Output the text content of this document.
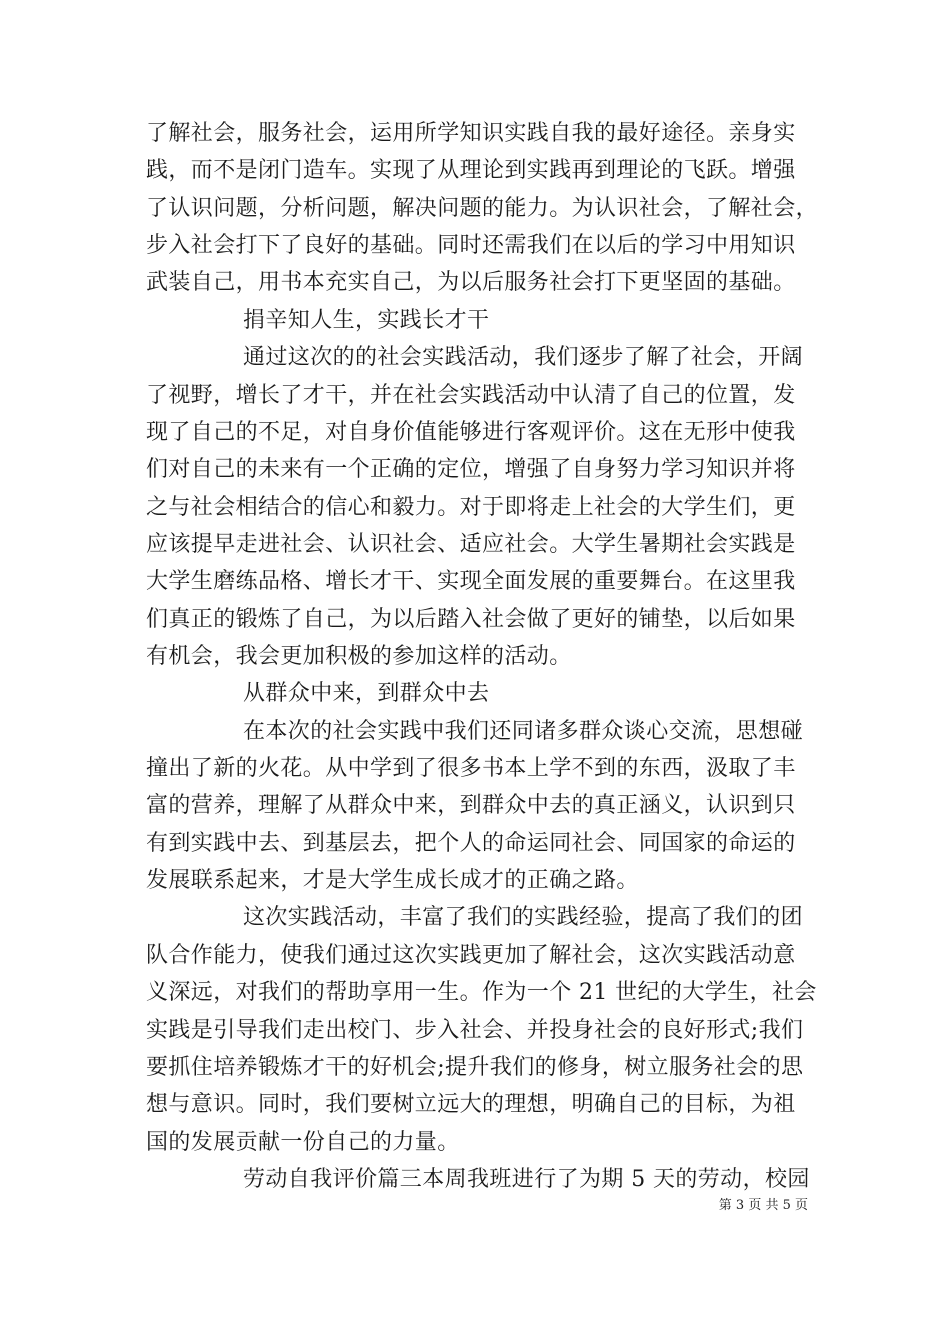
了解社会，服务社会，运用所学知识实践自我的最好途径。亲身实
践，而不是闭门造车。实现了从理论到实践再到理论的飞跃。增强
了认识问题，分析问题，解决问题的能力。为认识社会，了解社会，
步入社会打下了良好的基础。同时还需我们在以后的学习中用知识
武装自己，用书本充实自己，为以后服务社会打下更坚固的基础。
捐辛知人生，实践长才干
通过这次的的社会实践活动，我们逐步了解了社会，开阔
了视野，增长了才干，并在社会实践活动中认清了自己的位置，发
现了自己的不足，对自身价值能够进行客观评价。这在无形中使我
们对自己的未来有一个正确的定位，增强了自身努力学习知识并将
之与社会相结合的信心和毅力。对于即将走上社会的大学生们，更
应该提早走进社会、认识社会、适应社会。大学生暑期社会实践是
大学生磨练品格、增长才干、实现全面发展的重要舞台。在这里我
们真正的锻炼了自己，为以后踏入社会做了更好的铺垫，以后如果
有机会，我会更加积极的参加这样的活动。
从群众中来，到群众中去
在本次的社会实践中我们还同诸多群众谈心交流，思想碰
撞出了新的火花。从中学到了很多书本上学不到的东西，汲取了丰
富的营养，理解了从群众中来，到群众中去的真正涵义，认识到只
有到实践中去、到基层去，把个人的命运同社会、同国家的命运的
发展联系起来，才是大学生成长成才的正确之路。
这次实践活动，丰富了我们的实践经验，提高了我们的团
队合作能力，使我们通过这次实践更加了解社会，这次实践活动意
义深远，对我们的帮助享用一生。作为一个 21 世纪的大学生，社会
实践是引导我们走出校门、步入社会、并投身社会的良好形式;我们
要抓住培养锻炼才干的好机会;提升我们的修身，树立服务社会的思
想与意识。同时，我们要树立远大的理想，明确自己的目标，为祖
国的发展贡献一份自己的力量。
劳动自我评价篇三本周我班进行了为期 5 天的劳动，校园
第 3 页 共 5 页
